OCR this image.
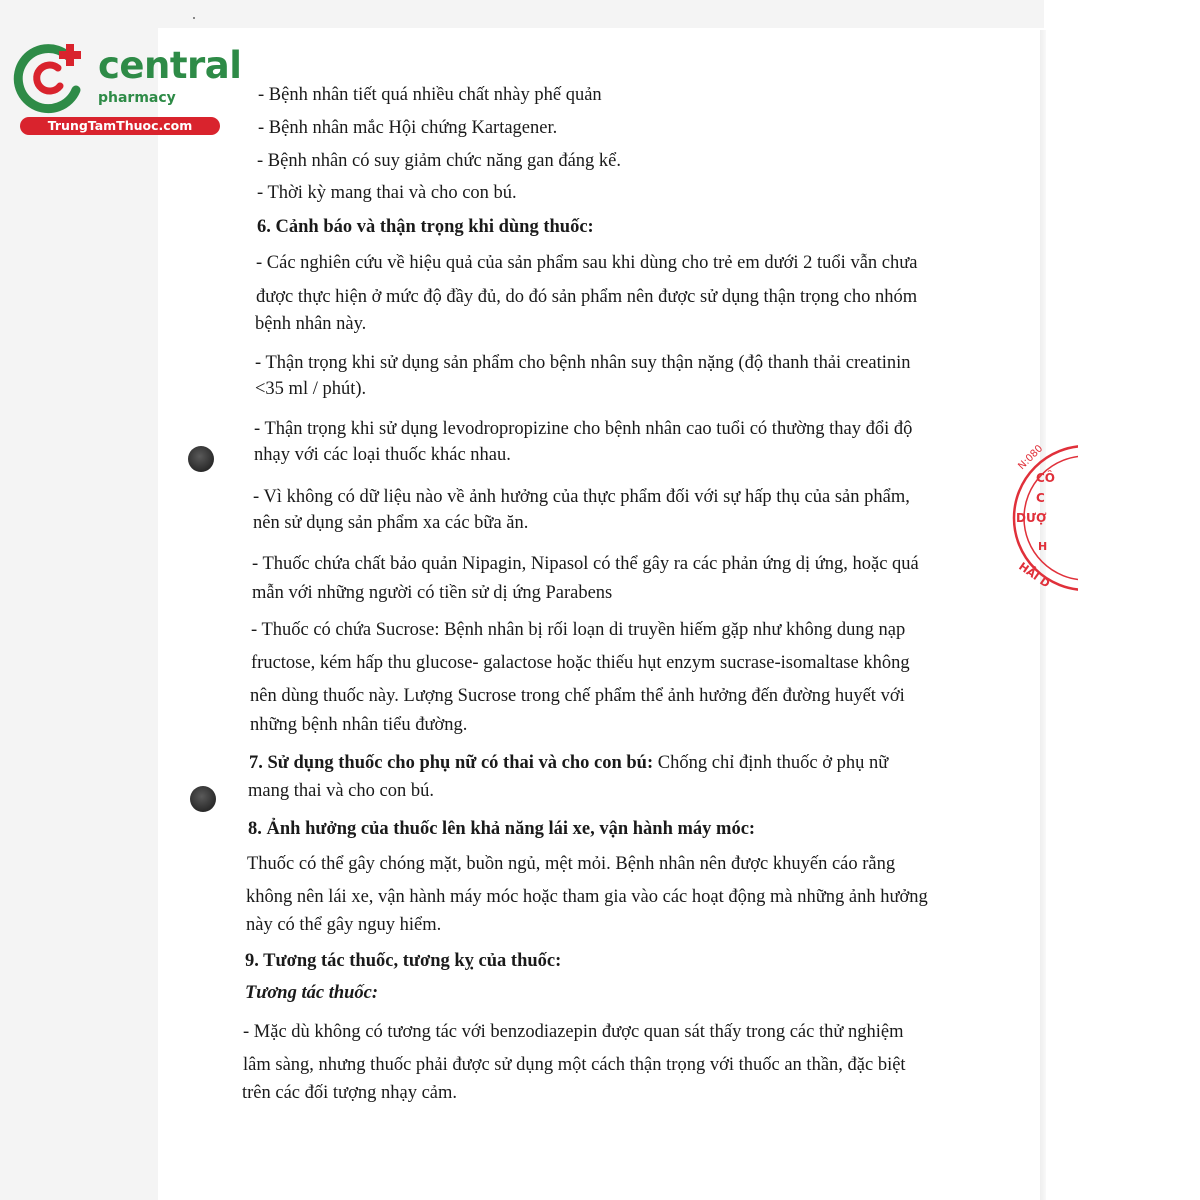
central
pharmacy
TrungTamThuoc.com
N:080
CÔ
C
DƯỢ
H
HẢI D

- Bệnh nhân tiết quá nhiều chất nhày phế quản

- Bệnh nhân mắc Hội chứng Kartagener.

- Bệnh nhân có suy giảm chức năng gan đáng kể.

- Thời kỳ mang thai và cho con bú.

6. Cảnh báo và thận trọng khi dùng thuốc:

- Các nghiên cứu về hiệu quả của sản phẩm sau khi dùng cho trẻ em dưới 2 tuổi vẫn chưa

được thực hiện ở mức độ đầy đủ, do đó sản phẩm nên được sử dụng thận trọng cho nhóm

bệnh nhân này.

- Thận trọng khi sử dụng sản phẩm cho bệnh nhân suy thận nặng (độ thanh thải creatinin

<35 ml / phút).

- Thận trọng khi sử dụng levodropropizine cho bệnh nhân cao tuổi có thường thay đổi độ

nhạy với các loại thuốc khác nhau.

- Vì không có dữ liệu nào về ảnh hưởng của thực phẩm đối với sự hấp thụ của sản phẩm,

nên sử dụng sản phẩm xa các bữa ăn.

- Thuốc chứa chất bảo quản Nipagin, Nipasol có thể gây ra các phản ứng dị ứng, hoặc quá

mẫn với những người có tiền sử dị ứng Parabens

- Thuốc có chứa Sucrose: Bệnh nhân bị rối loạn di truyền hiếm gặp như không dung nạp

fructose, kém hấp thu glucose- galactose hoặc thiếu hụt enzym sucrase-isomaltase không

nên dùng thuốc này. Lượng Sucrose trong chế phẩm thể ảnh hưởng đến đường huyết với

những bệnh nhân tiểu đường.

7. Sử dụng thuốc cho phụ nữ có thai và cho con bú: Chống chỉ định thuốc ở phụ nữ

mang thai và cho con bú.

8. Ảnh hưởng của thuốc lên khả năng lái xe, vận hành máy móc:

Thuốc có thể gây chóng mặt, buồn ngủ, mệt mỏi. Bệnh nhân nên được khuyến cáo rằng

không nên lái xe, vận hành máy móc hoặc tham gia vào các hoạt động mà những ảnh hưởng

này có thể gây nguy hiểm.

9. Tương tác thuốc, tương kỵ của thuốc:

Tương tác thuốc:

- Mặc dù không có tương tác với benzodiazepin được quan sát thấy trong các thử nghiệm

lâm sàng, nhưng thuốc phải được sử dụng một cách thận trọng với thuốc an thần, đặc biệt

trên các đối tượng nhạy cảm.
